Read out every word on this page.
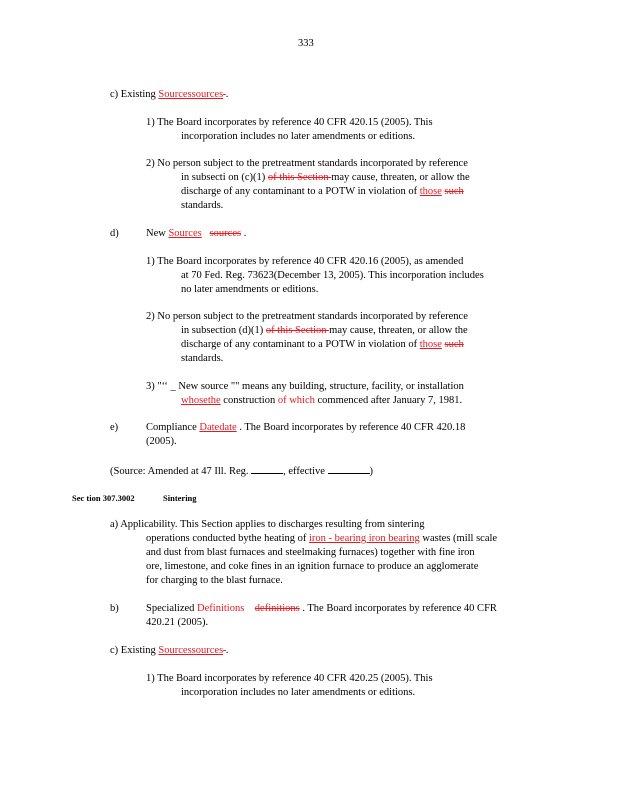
333
c) Existing Sourcessources .
1) The Board incorporates by reference 40 CFR 420.15 (2005). This
incorporation includes no later amendments or editions.
2) No person subject to the pretreatment standards incorporated by reference
in subsecti on (c)(1) of this Section may cause, threaten, or allow the
discharge of any contaminant to a POTW in violation of those such
standards.
d)	New Sources sources .
1) The Board incorporates by reference 40 CFR 420.16 (2005), as amended
at 70 Fed. Reg. 73623(December 13, 2005). This incorporation includes
no later amendments or editions.
2) No person subject to the pretreatment standards incorporated by reference
in subsection (d)(1) of this Section may cause, threaten, or allow the
discharge of any contaminant to a POTW in violation of those such
standards.
3) "‘‘ _ New source "" means any building, structure, facility, or installation
whosethe construction of which commenced after January 7, 1981.
e)	Compliance Datedate . The Board incorporates by reference 40 CFR 420.18
(2005).
(Source: Amended at 47 Ill. Reg.	, effective	)
Sec tion 307.3002	Sintering
a) Applicability. This Section applies to discharges resulting from sintering
operations conducted bythe heating of iron - bearing iron bearing wastes (mill scale
and dust from blast furnaces and steelmaking furnaces) together with fine iron
ore, limestone, and coke fines in an ignition furnace to produce an agglomerate
for charging to the blast furnace.
b)	Specialized Definitions definitions . The Board incorporates by reference 40 CFR
420.21 (2005).
c) Existing Sourcessources .
1) The Board incorporates by reference 40 CFR 420.25 (2005). This
incorporation includes no later amendments or editions.
